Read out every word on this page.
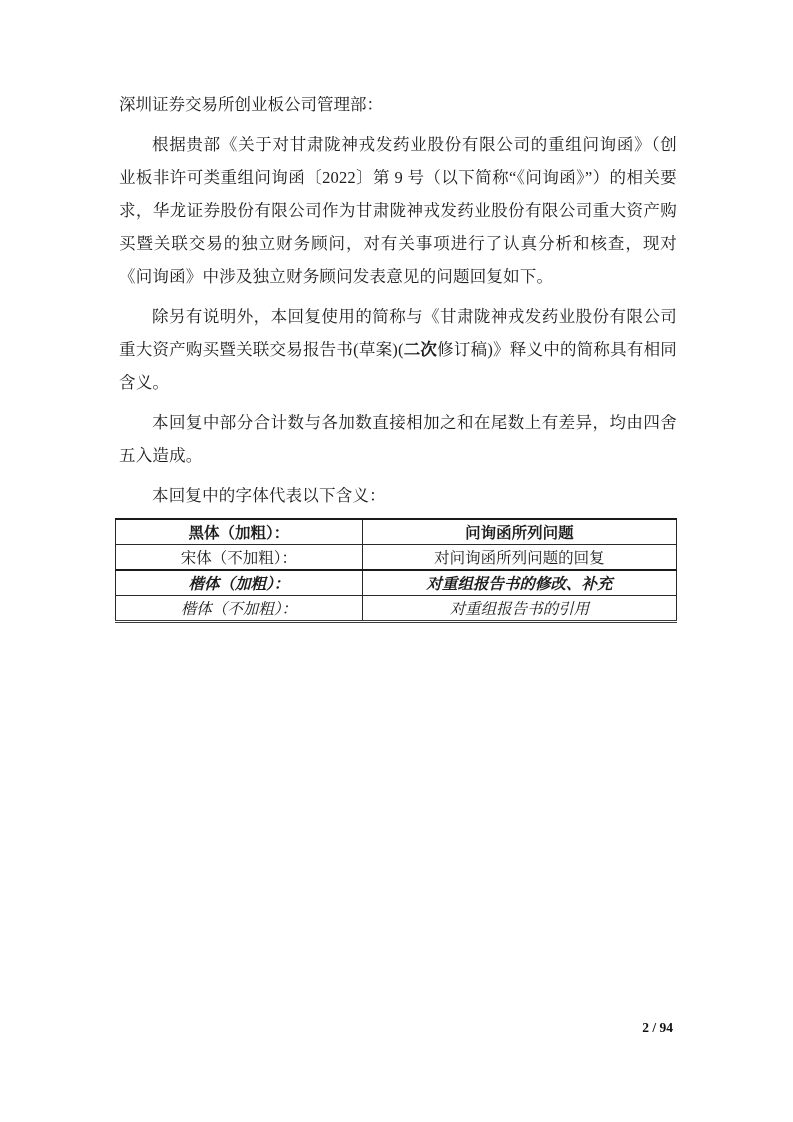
深圳证券交易所创业板公司管理部：

根据贵部《关于对甘肃陇神戎发药业股份有限公司的重组问询函》（创业板非许可类重组问询函〔2022〕第 9 号（以下简称“《问询函》”）的相关要求，华龙证券股份有限公司作为甘肃陇神戎发药业股份有限公司重大资产购买暨关联交易的独立财务顾问，对有关事项进行了认真分析和核查，现对《问询函》中涉及独立财务顾问发表意见的问题回复如下。

除另有说明外，本回复使用的简称与《甘肃陇神戎发药业股份有限公司重大资产购买暨关联交易报告书(草案)(二次修订稿)》释义中的简称具有相同含义。

本回复中部分合计数与各加数直接相加之和在尾数上有差异，均由四舍五入造成。

本回复中的字体代表以下含义：

黑体（加粗）：	问询函所列问题
宋体（不加粗）：	对问询函所列问题的回复
楷体（加粗）：	对重组报告书的修改、补充
楷体（不加粗）：	对重组报告书的引用
2 / 94
